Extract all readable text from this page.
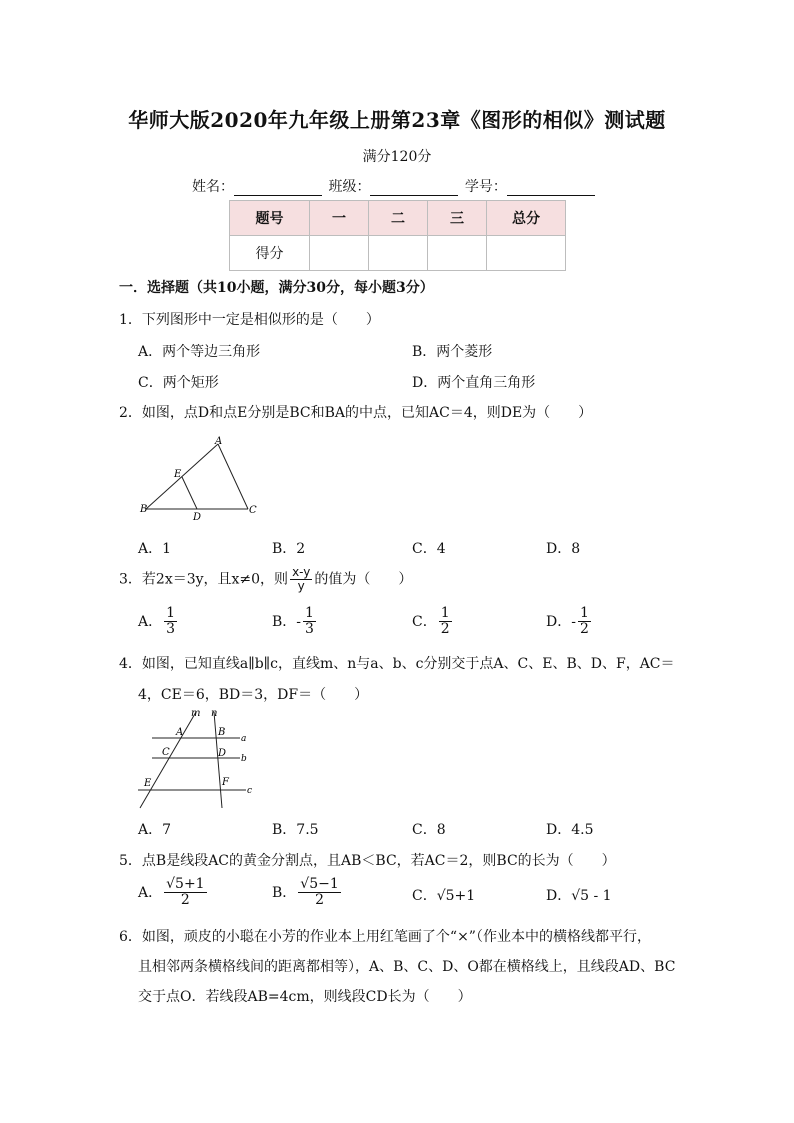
华师大版2020年九年级上册第23章《图形的相似》测试题
满分120分
姓名：	班级：	学号：
题号	一	二	三	总分
得分				
一．选择题（共10小题，满分30分，每小题3分）
1．下列图形中一定是相似形的是（　　）
A．两个等边三角形	B．两个菱形
C．两个矩形	D．两个直角三角形
2．如图，点D和点E分别是BC和BA的中点，已知AC＝4，则DE为（　　）
A
E
B
D
C
A．1	B．2	C．4	D．8
3．若2x＝3y，且x≠0，则 $\frac{x-y}{y}$ 的值为（　　）
A． $\frac{1}{3}$	B．- $\frac{1}{3}$	C． $\frac{1}{2}$	D．- $\frac{1}{2}$
4．如图，已知直线a∥b∥c，直线m、n与a、b、c分别交于点A、C、E、B、D、F，AC＝
4，CE＝6，BD＝3，DF＝（　　）
m n
A	B
C	D
E	F
a
b
c
A．7	B．7.5	C．8	D．4.5
5．点B是线段AC的黄金分割点，且AB＜BC，若AC＝2，则BC的长为（　　）
A． $\frac{√5+1}{2}$	B． $\frac{√5-1}{2}$	C．√5+1	D．√5 - 1
6．如图，顽皮的小聪在小芳的作业本上用红笔画了个“×”（作业本中的横格线都平行，
且相邻两条横格线间的距离都相等），A、B、C、D、O都在横格线上，且线段AD、BC
交于点O．若线段AB=4cm，则线段CD长为（　　）
